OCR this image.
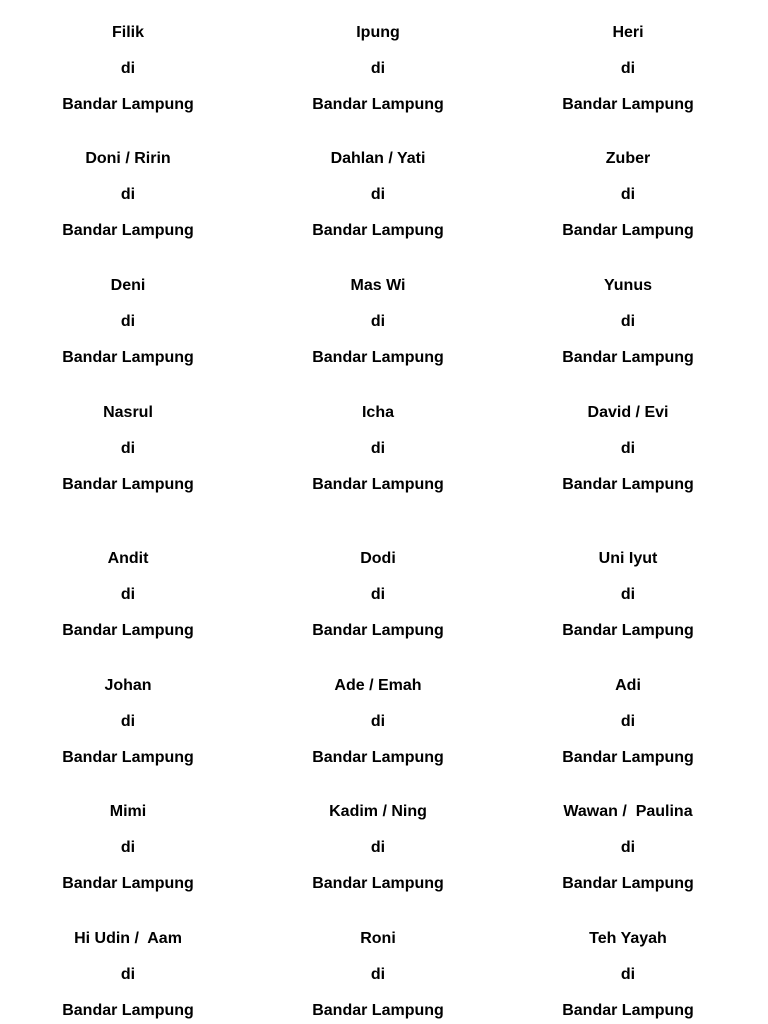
Filik
di
Bandar Lampung
Ipung
di
Bandar Lampung
Heri
di
Bandar Lampung
Doni / Ririn
di
Bandar Lampung
Dahlan / Yati
di
Bandar Lampung
Zuber
di
Bandar Lampung
Deni
di
Bandar Lampung
Mas Wi
di
Bandar Lampung
Yunus
di
Bandar Lampung
Nasrul
di
Bandar Lampung
Icha
di
Bandar Lampung
David / Evi
di
Bandar Lampung
Andit
di
Bandar Lampung
Dodi
di
Bandar Lampung
Uni Iyut
di
Bandar Lampung
Johan
di
Bandar Lampung
Ade / Emah
di
Bandar Lampung
Adi
di
Bandar Lampung
Mimi
di
Bandar Lampung
Kadim / Ning
di
Bandar Lampung
Wawan /  Paulina
di
Bandar Lampung
Hi Udin /  Aam
di
Bandar Lampung
Roni
di
Bandar Lampung
Teh Yayah
di
Bandar Lampung
